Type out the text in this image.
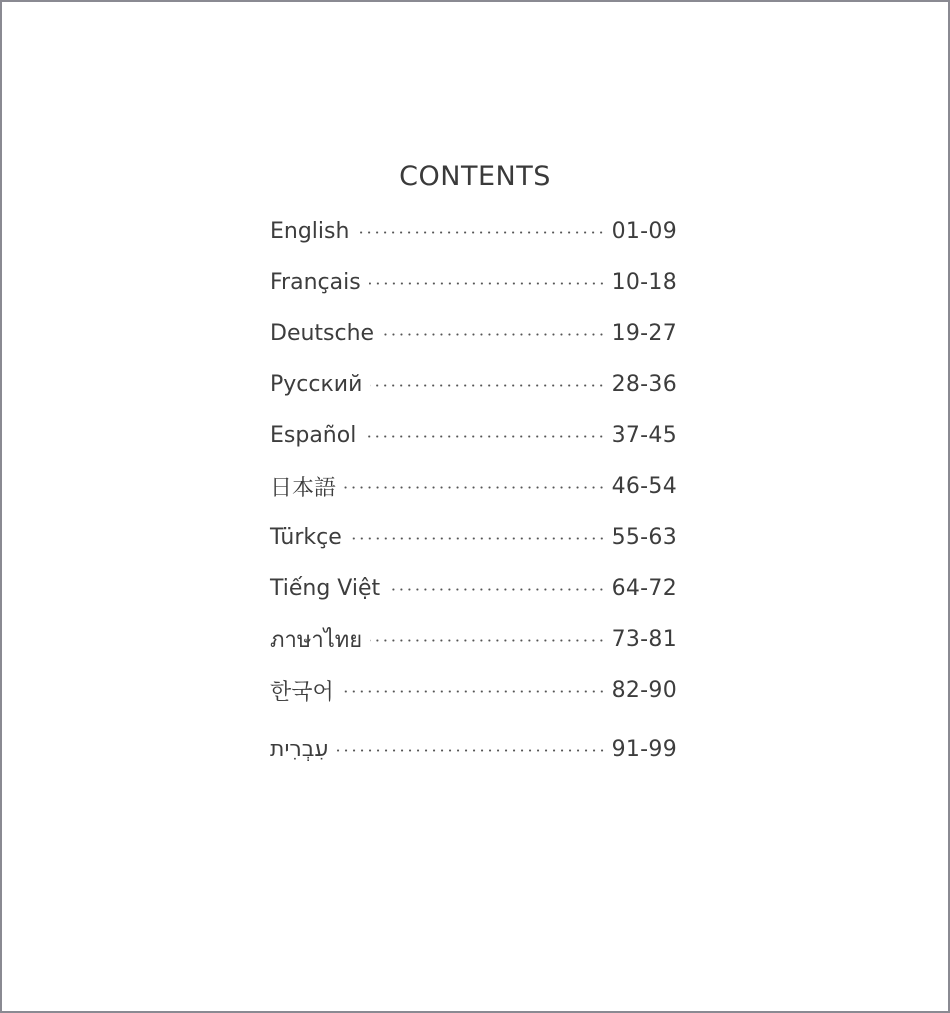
CONTENTS
English	01-09
Français	10-18
Deutsche	19-27
Русский	28-36
Español	37-45
日本語	46-54
Türkçe	55-63
Tiếng Việt	64-72
ภาษาไทย	73-81
한국어	82-90
עִבְרִית	91-99
